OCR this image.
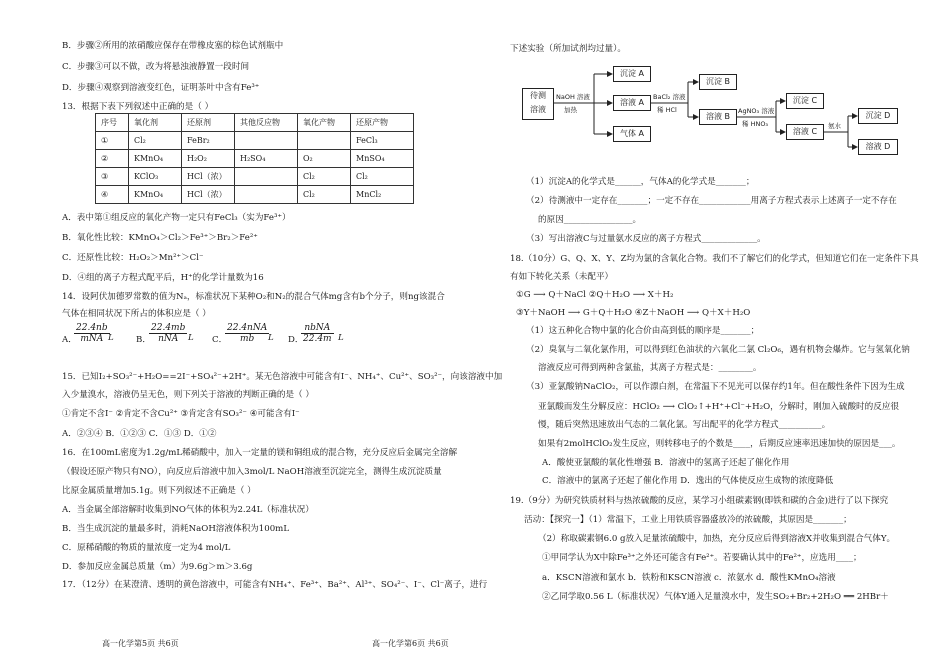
B．步骤②所用的浓硝酸应保存在带橡皮塞的棕色试剂瓶中
C．步骤③可以不做，改为将悬浊液静置一段时间
D．步骤④观察到溶液变红色，证明茶叶中含有Fe³⁺
13．根据下表下列叙述中正确的是（ ）
序号	氧化剂	还原剂	其他反应物	氧化产物	还原产物
①	Cl₂	FeBr₂			FeCl₃
②	KMnO₄	H₂O₂	H₂SO₄	O₂	MnSO₄
③	KClO₃	HCl（浓）		Cl₂	Cl₂
④	KMnO₄	HCl（浓）		Cl₂	MnCl₂
A．表中第①组反应的氧化产物一定只有FeCl₃（实为Fe³⁺）
B．氧化性比较：KMnO₄＞Cl₂＞Fe³⁺＞Br₂＞Fe²⁺
C．还原性比较：H₂O₂＞Mn²⁺＞Cl⁻
D．④组的离子方程式配平后，H⁺的化学计量数为16
14．设阿伏加德罗常数的值为Nₐ，标准状况下某种O₂和N₂的混合气体mg含有b个分子，则ng该混合
气体在相同状况下所占的体积应是（ ）
A．
22.4nb
mNA L	B．
22.4mb
nNA	L C．
22.4nNA
mb	L D．
nbNA
22.4m L
15．已知I₂+SO₃²⁻+H₂O==2I⁻+SO₄²⁻+2H⁺。某无色溶液中可能含有I⁻、NH₄⁺、Cu²⁺、SO₃²⁻，向该溶液中加
入少量溴水，溶液仍呈无色，则下列关于溶液的判断正确的是（ ）
①肯定不含I⁻ ②肯定不含Cu²⁺ ③肯定含有SO₃²⁻ ④可能含有I⁻
A．②③④ B．①②③ C．①③ D．①②
16．在100mL密度为1.2g/mL稀硝酸中，加入一定量的镁和铜组成的混合物，充分反应后金属完全溶解
（假设还原产物只有NO），向反应后溶液中加入3mol/L NaOH溶液至沉淀完全，测得生成沉淀质量
比原金属质量增加5.1g。则下列叙述不正确是（ ）
A．当金属全部溶解时收集到NO气体的体积为2.24L（标准状况）
B．当生成沉淀的量最多时，消耗NaOH溶液体积为100mL
C．原稀硝酸的物质的量浓度一定为4 mol/L
D．参加反应金属总质量（m）为9.6g＞m＞3.6g
17．（12分）在某澄清、透明的黄色溶液中，可能含有NH₄⁺、Fe³⁺、Ba²⁺、Al³⁺、SO₄²⁻、I⁻、Cl⁻离子，进行
高一化学第5页 共6页
下述实验（所加试剂均过量）。
待测
溶液
NaOH 溶液
加热
沉淀 A
溶液 A
气体 A
BaCl₂ 溶液
稀 HCl
沉淀 B
溶液 B
AgNO₃ 溶液
稀 HNO₃
沉淀 C
溶液 C
氨水
沉淀 D
溶液 D
（1）沉淀A的化学式是______，气体A的化学式是_______；
（2）待测液中一定存在_______；一定不存在____________用离子方程式表示上述离子一定不存在
的原因________________。
（3）写出溶液C与过量氨水反应的离子方程式_____________。
18.（10分）G、Q、X、Y、Z均为氯的含氧化合物。我们不了解它们的化学式，但知道它们在一定条件下具
有如下转化关系（未配平）
①G ⟶ Q＋NaCl ②Q＋H₂O ⟶ X＋H₂
③Y＋NaOH ⟶ G＋Q＋H₂O ④Z＋NaOH ⟶ Q＋X＋H₂O
（1）这五种化合物中氯的化合价由高到低的顺序是_______；
（2）臭氧与二氧化氯作用，可以得到红色油状的六氧化二氯 Cl₂O₆，遇有机物会爆炸。它与氢氧化钠
溶液反应可得到两种含氯盐，其离子方程式是：________。
（3）亚氯酸钠NaClO₂，可以作漂白剂，在常温下不见光可以保存约1年。但在酸性条件下因为生成
亚氯酸而发生分解反应：HClO₂ ⟶ ClO₂↑+H⁺+Cl⁻+H₂O，分解时，刚加入硫酸时的反应很
慢，随后突然迅速放出气态的二氧化氯。写出配平的化学方程式__________。
如果有2molHClO₂发生反应，则转移电子的个数是____，后期反应速率迅速加快的原因是___。
A．酸使亚氯酸的氧化性增强 B．溶液中的氢离子还起了催化作用
C．溶液中的氯离子还起了催化作用 D．逸出的气体使反应生成物的浓度降低
19.（9分）为研究铁质材料与热浓硫酸的反应，某学习小组碳素钢(即铁和碳的合金)进行了以下探究
活动：【探究一】（1）常温下，工业上用铁质容器盛放冷的浓硫酸，其原因是_______；
（2）称取碳素钢6.0 g放入足量浓硫酸中，加热，充分反应后得到溶液X并收集到混合气体Y。
①甲同学认为X中除Fe³⁺之外还可能含有Fe²⁺。若要确认其中的Fe²⁺，应选用____；
a．KSCN溶液和氯水 b．铁粉和KSCN溶液 c．浓氨水 d．酸性KMnO₄溶液
②乙同学取0.56 L（标准状况）气体Y通入足量溴水中，发生SO₂+Br₂+2H₂O ══ 2HBr＋
高一化学第6页 共6页
